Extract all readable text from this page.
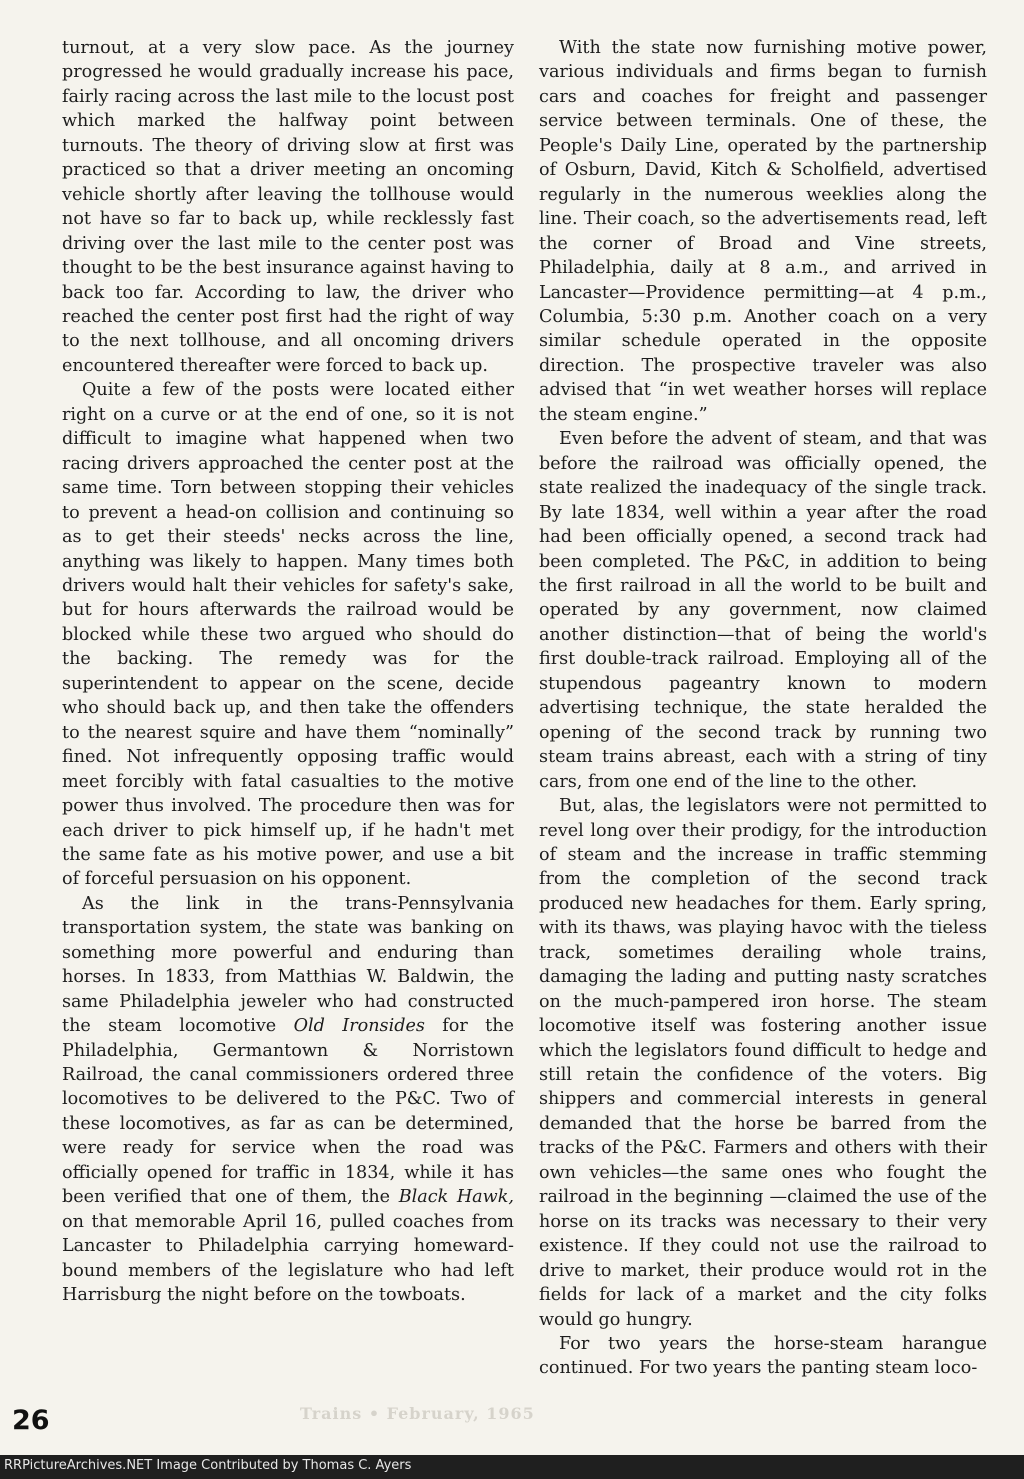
turnout, at a very slow pace. As the journey progressed he would gradually increase his pace, fairly racing across the last mile to the locust post which marked the halfway point between turnouts. The theory of driving slow at first was practiced so that a driver meeting an oncoming vehicle shortly after leaving the tollhouse would not have so far to back up, while recklessly fast driving over the last mile to the center post was thought to be the best insurance against having to back too far. According to law, the driver who reached the center post first had the right of way to the next tollhouse, and all oncoming drivers encountered thereafter were forced to back up.

Quite a few of the posts were located either right on a curve or at the end of one, so it is not difficult to imagine what happened when two racing drivers approached the center post at the same time. Torn between stopping their vehicles to prevent a head-on collision and continuing so as to get their steeds' necks across the line, anything was likely to happen. Many times both drivers would halt their vehicles for safety's sake, but for hours afterwards the railroad would be blocked while these two argued who should do the backing. The remedy was for the superintendent to appear on the scene, decide who should back up, and then take the offenders to the nearest squire and have them “nominally” fined. Not infrequently opposing traffic would meet forcibly with fatal casualties to the motive power thus involved. The procedure then was for each driver to pick himself up, if he hadn't met the same fate as his motive power, and use a bit of forceful persuasion on his opponent.

As the link in the trans-Pennsylvania transportation system, the state was banking on something more powerful and enduring than horses. In 1833, from Matthias W. Baldwin, the same Philadelphia jeweler who had constructed the steam locomotive Old Ironsides for the Philadelphia, Germantown & Norristown Railroad, the canal commissioners ordered three locomotives to be delivered to the P&C. Two of these locomotives, as far as can be determined, were ready for service when the road was officially opened for traffic in 1834, while it has been verified that one of them, the Black Hawk, on that memorable April 16, pulled coaches from Lancaster to Philadelphia carrying homeward-bound members of the legislature who had left Harrisburg the night before on the towboats.

With the state now furnishing motive power, various individuals and firms began to furnish cars and coaches for freight and passenger service between terminals. One of these, the People's Daily Line, operated by the partnership of Osburn, David, Kitch & Scholfield, advertised regularly in the numerous weeklies along the line. Their coach, so the advertisements read, left the corner of Broad and Vine streets, Philadelphia, daily at 8 a.m., and arrived in Lancaster—Providence permitting—at 4 p.m., Columbia, 5:30 p.m. Another coach on a very similar schedule operated in the opposite direction. The prospective traveler was also advised that “in wet weather horses will replace the steam engine.”

Even before the advent of steam, and that was before the railroad was officially opened, the state realized the inadequacy of the single track. By late 1834, well within a year after the road had been officially opened, a second track had been completed. The P&C, in addition to being the first railroad in all the world to be built and operated by any government, now claimed another distinction—that of being the world's first double-track railroad. Employing all of the stupendous pageantry known to modern advertising technique, the state heralded the opening of the second track by running two steam trains abreast, each with a string of tiny cars, from one end of the line to the other.

But, alas, the legislators were not permitted to revel long over their prodigy, for the introduction of steam and the increase in traffic stemming from the completion of the second track produced new headaches for them. Early spring, with its thaws, was playing havoc with the tieless track, sometimes derailing whole trains, damaging the lading and putting nasty scratches on the much-pampered iron horse. The steam locomotive itself was fostering another issue which the legislators found difficult to hedge and still retain the confidence of the voters. Big shippers and commercial interests in general demanded that the horse be barred from the tracks of the P&C. Farmers and others with their own vehicles—the same ones who fought the railroad in the beginning —claimed the use of the horse on its tracks was necessary to their very existence. If they could not use the railroad to drive to market, their produce would rot in the fields for lack of a market and the city folks would go hungry.

For two years the horse-steam harangue continued. For two years the panting steam loco-

Trains • February, 1965
26
RRPictureArchives.NET Image Contributed by Thomas C. Ayers
